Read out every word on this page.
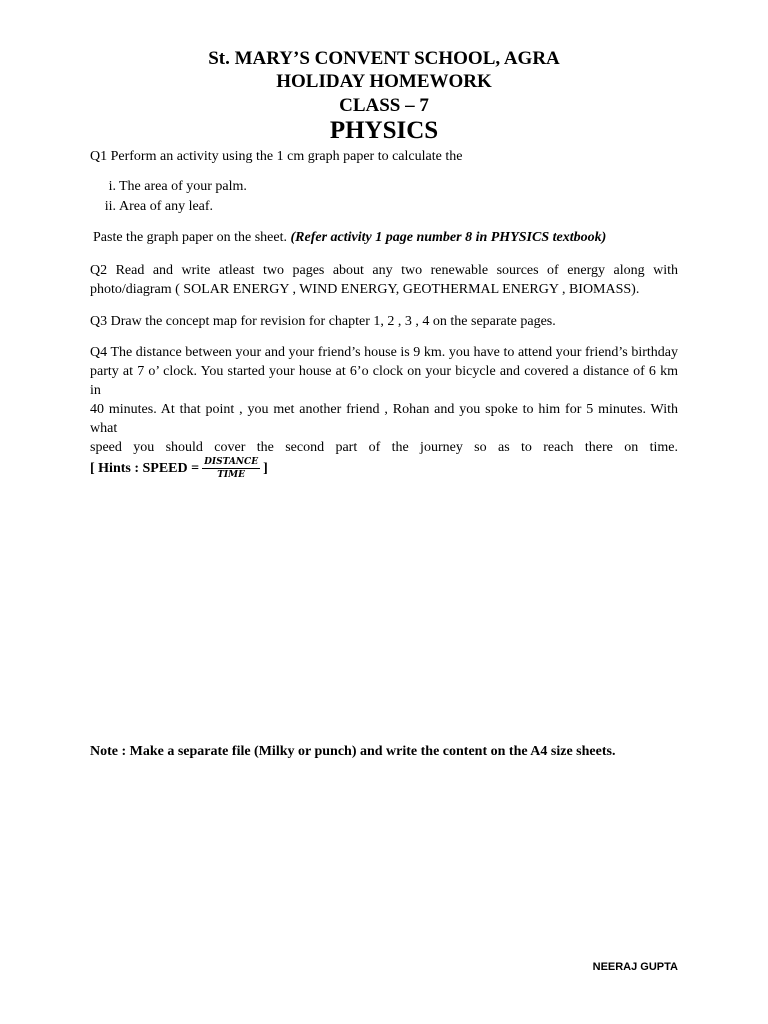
St. MARY’S CONVENT SCHOOL, AGRA
HOLIDAY HOMEWORK
CLASS – 7
PHYSICS
Q1 Perform an activity using the 1 cm graph paper to calculate the
i. The area of your palm.
ii. Area of any leaf.
Paste the graph paper on the sheet. (Refer activity 1 page number 8 in PHYSICS textbook)
Q2 Read and write atleast two pages about any two renewable sources of energy along with
photo/diagram ( SOLAR ENERGY , WIND ENERGY, GEOTHERMAL ENERGY , BIOMASS).
Q3 Draw the concept map for revision for chapter 1, 2 , 3 , 4 on the separate pages.
Q4 The distance between your and your friend’s house is 9 km. you have to attend your friend’s birthday
party at 7 o’ clock. You started your house at 6’o clock on your bicycle and covered a distance of 6 km in
40 minutes. At that point , you met another friend , Rohan and you spoke to him for 5 minutes. With what
speed you should cover the second part of the journey so as to reach there on time.
[ Hints : SPEED = $\frac{\text{DISTANCE}}{\text{TIME}}$ ]
Note : Make a separate file (Milky or punch) and write the content on the A4 size sheets.
NEERAJ GUPTA
